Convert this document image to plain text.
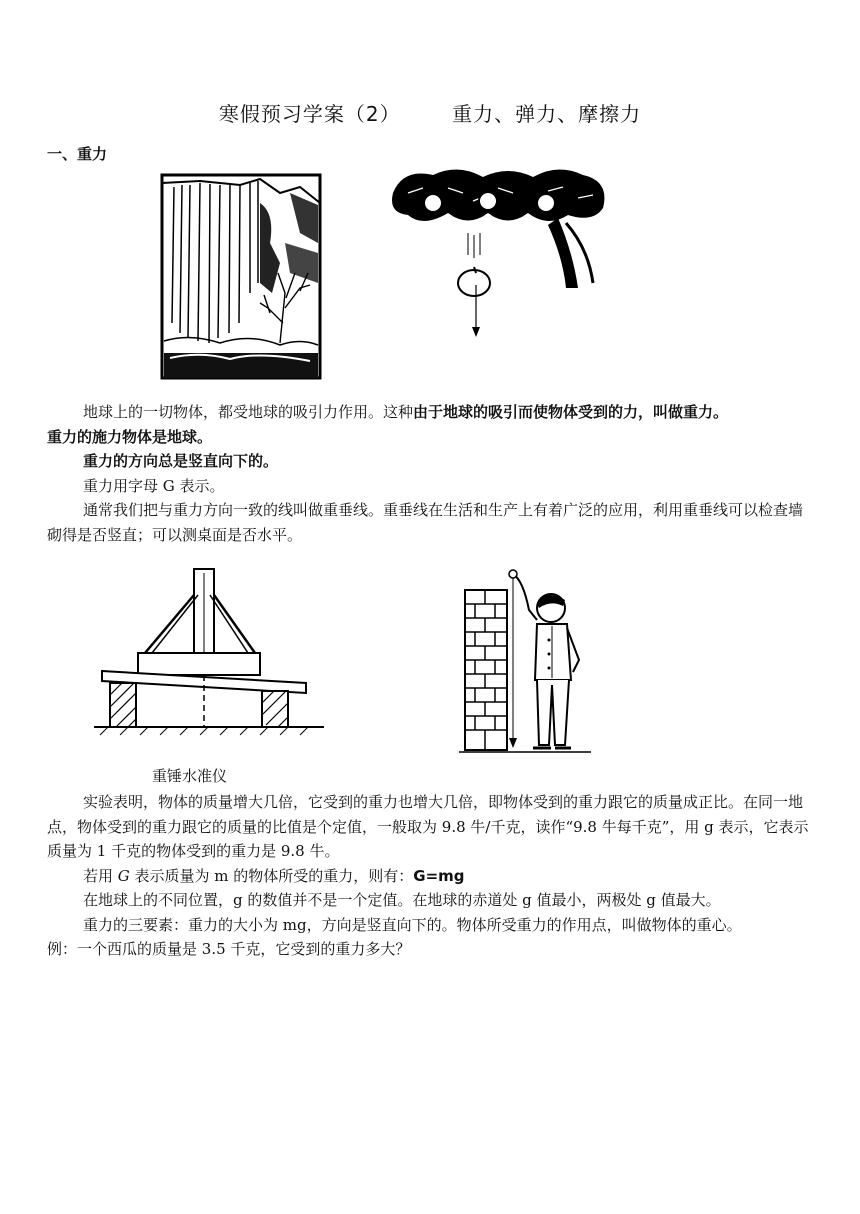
寒假预习学案（2）       重力、弹力、摩擦力
一、重力

地球上的一切物体，都受地球的吸引力作用。这种由于地球的吸引而使物体受到的力，叫做重力。

重力的施力物体是地球。

重力的方向总是竖直向下的。

重力用字母 G 表示。

通常我们把与重力方向一致的线叫做重垂线。重垂线在生活和生产上有着广泛的应用，利用重垂线可以检查墙砌得是否竖直；可以测桌面是否水平。

重锤水准仪

实验表明，物体的质量增大几倍，它受到的重力也增大几倍，即物体受到的重力跟它的质量成正比。在同一地点，物体受到的重力跟它的质量的比值是个定值，一般取为 9.8 牛/千克，读作“9.8 牛每千克”，用 g 表示，它表示质量为 1 千克的物体受到的重力是 9.8 牛。

若用 G 表示质量为 m 的物体所受的重力，则有：G=mg

在地球上的不同位置，g 的数值并不是一个定值。在地球的赤道处 g 值最小，两极处 g 值最大。

重力的三要素：重力的大小为 mg，方向是竖直向下的。物体所受重力的作用点，叫做物体的重心。

例：一个西瓜的质量是 3.5 千克，它受到的重力多大？
